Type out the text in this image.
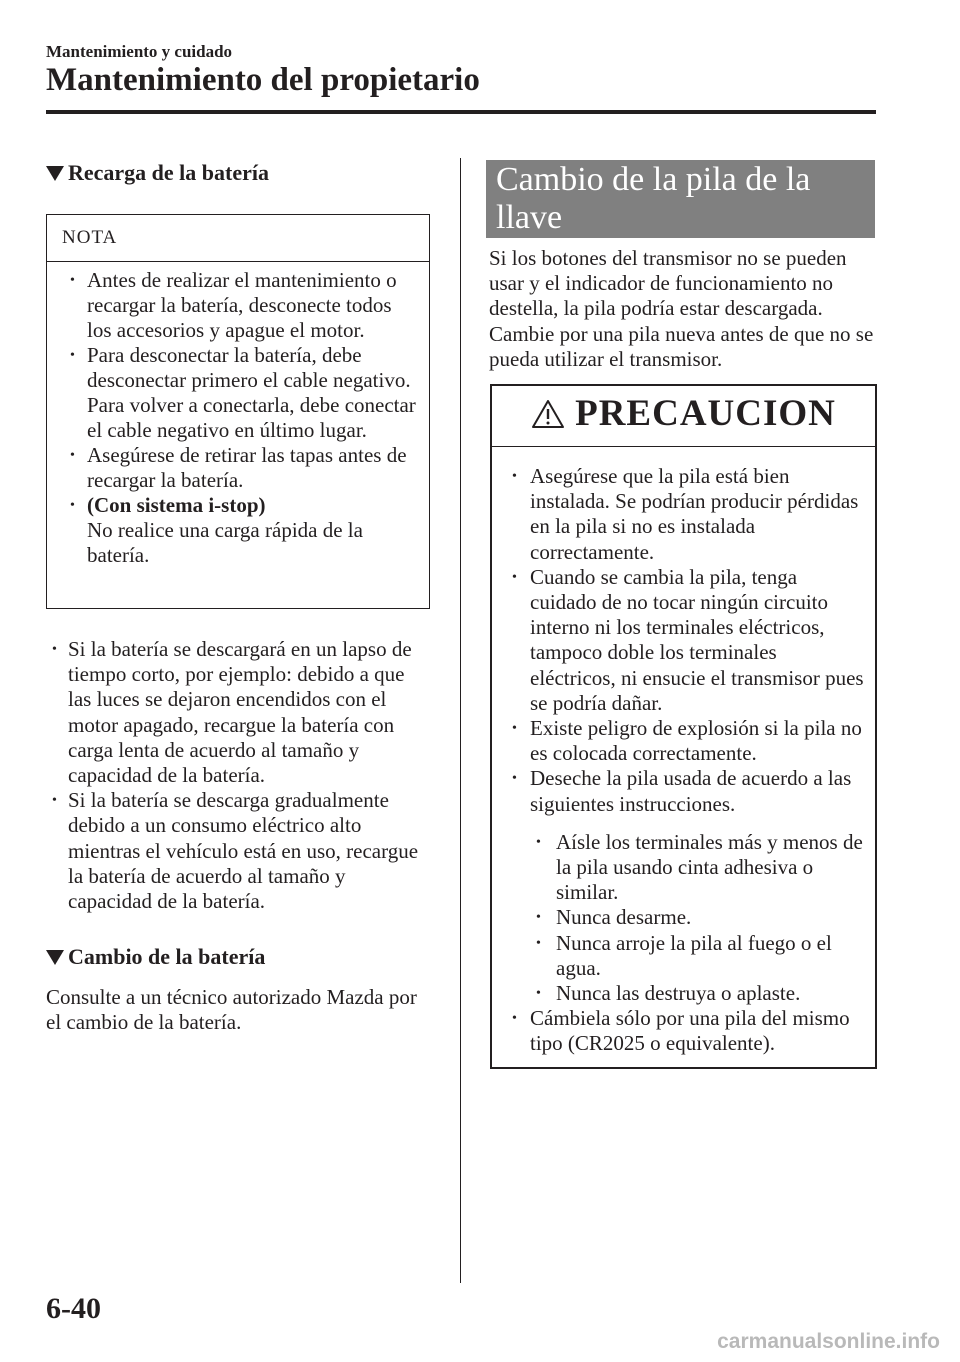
Mantenimiento y cuidado
Mantenimiento del propietario
Recarga de la batería
NOTA
• Antes de realizar el mantenimiento o recargar la batería, desconecte todos los accesorios y apague el motor.
• Para desconectar la batería, debe desconectar primero el cable negativo. Para volver a conectarla, debe conectar el cable negativo en último lugar.
• Asegúrese de retirar las tapas antes de recargar la batería.
• (Con sistema i-stop)
No realice una carga rápida de la batería.
• Si la batería se descargará en un lapso de tiempo corto, por ejemplo: debido a que las luces se dejaron encendidos con el motor apagado, recargue la batería con carga lenta de acuerdo al tamaño y capacidad de la batería.
• Si la batería se descarga gradualmente debido a un consumo eléctrico alto mientras el vehículo está en uso, recargue la batería de acuerdo al tamaño y capacidad de la batería.
Cambio de la batería

Consulte a un técnico autorizado Mazda por el cambio de la batería.

Cambio de la pila de la llave

Si los botones del transmisor no se pueden usar y el indicador de funcionamiento no destella, la pila podría estar descargada. Cambie por una pila nueva antes de que no se pueda utilizar el transmisor.

PRECAUCION
• Asegúrese que la pila está bien instalada. Se podrían producir pérdidas en la pila si no es instalada correctamente.
• Cuando se cambia la pila, tenga cuidado de no tocar ningún circuito interno ni los terminales eléctricos, tampoco doble los terminales eléctricos, ni ensucie el transmisor pues se podría dañar.
• Existe peligro de explosión si la pila no es colocada correctamente.
• Deseche la pila usada de acuerdo a las siguientes instrucciones.
• Aísle los terminales más y menos de la pila usando cinta adhesiva o similar.
• Nunca desarme.
• Nunca arroje la pila al fuego o el agua.
• Nunca las destruya o aplaste.
• Cámbiela sólo por una pila del mismo tipo (CR2025 o equivalente).
6-40
carmanualsonline.info
